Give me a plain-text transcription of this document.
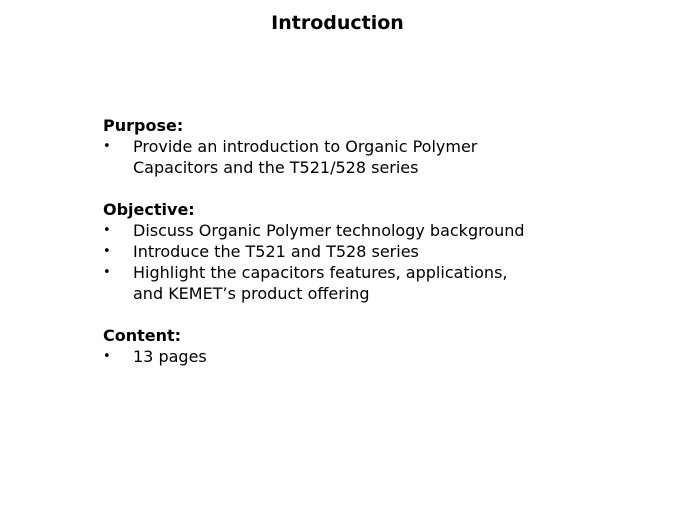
Introduction

Purpose:

• Provide an introduction to Organic Polymer
Capacitors and the T521/528 series

Objective:

• Discuss Organic Polymer technology background
• Introduce the T521 and T528 series
• Highlight the capacitors features, applications,
and KEMET’s product offering

Content:

• 13 pages
